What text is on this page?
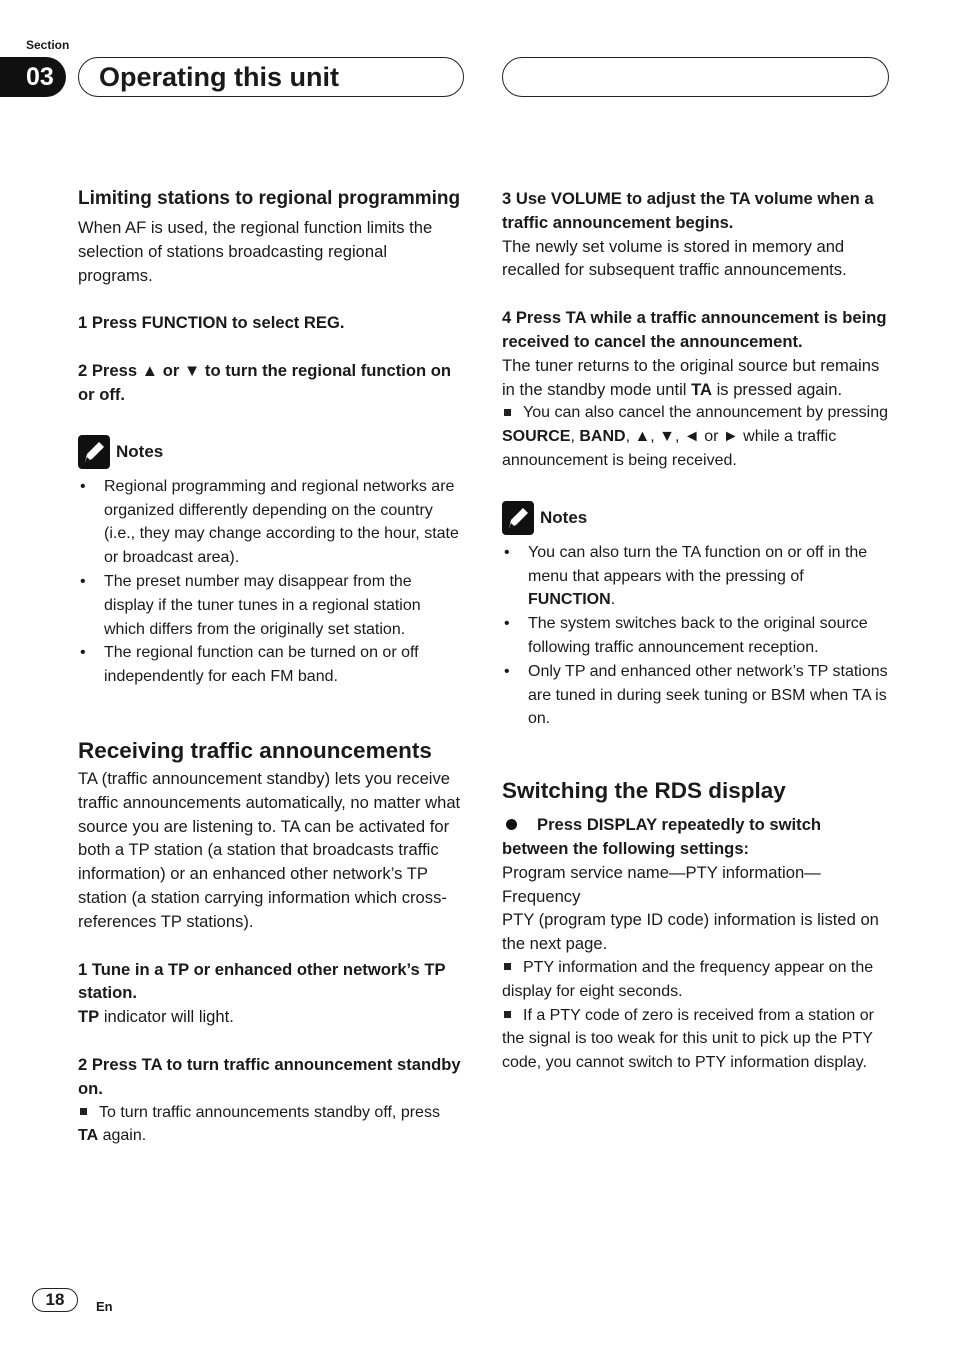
Section
03	Operating this unit

Limiting stations to regional programming

When AF is used, the regional function limits the selection of stations broadcasting regional programs.

1 Press FUNCTION to select REG.

2 Press ▲ or ▼ to turn the regional function on or off.

Notes
• Regional programming and regional networks are organized differently depending on the country (i.e., they may change according to the hour, state or broadcast area).
• The preset number may disappear from the display if the tuner tunes in a regional station which differs from the originally set station.
• The regional function can be turned on or off independently for each FM band.

Receiving traffic announcements

TA (traffic announcement standby) lets you receive traffic announcements automatically, no matter what source you are listening to. TA can be activated for both a TP station (a station that broadcasts traffic information) or an enhanced other network’s TP station (a station carrying information which cross-references TP stations).

1 Tune in a TP or enhanced other network’s TP station.

TP indicator will light.

2 Press TA to turn traffic announcement standby on.

To turn traffic announcements standby off, press TA again.

3 Use VOLUME to adjust the TA volume when a traffic announcement begins.

The newly set volume is stored in memory and recalled for subsequent traffic announcements.

4 Press TA while a traffic announcement is being received to cancel the announcement.

The tuner returns to the original source but remains in the standby mode until TA is pressed again.

You can also cancel the announcement by pressing SOURCE, BAND, ▲, ▼, ◄ or ► while a traffic announcement is being received.

Notes
• You can also turn the TA function on or off in the menu that appears with the pressing of FUNCTION.
• The system switches back to the original source following traffic announcement reception.
• Only TP and enhanced other network’s TP stations are tuned in during seek tuning or BSM when TA is on.

Switching the RDS display

Press DISPLAY repeatedly to switch between the following settings:

Program service name—PTY information—Frequency

PTY (program type ID code) information is listed on the next page.

PTY information and the frequency appear on the display for eight seconds.

If a PTY code of zero is received from a station or the signal is too weak for this unit to pick up the PTY code, you cannot switch to PTY information display.

18	En
